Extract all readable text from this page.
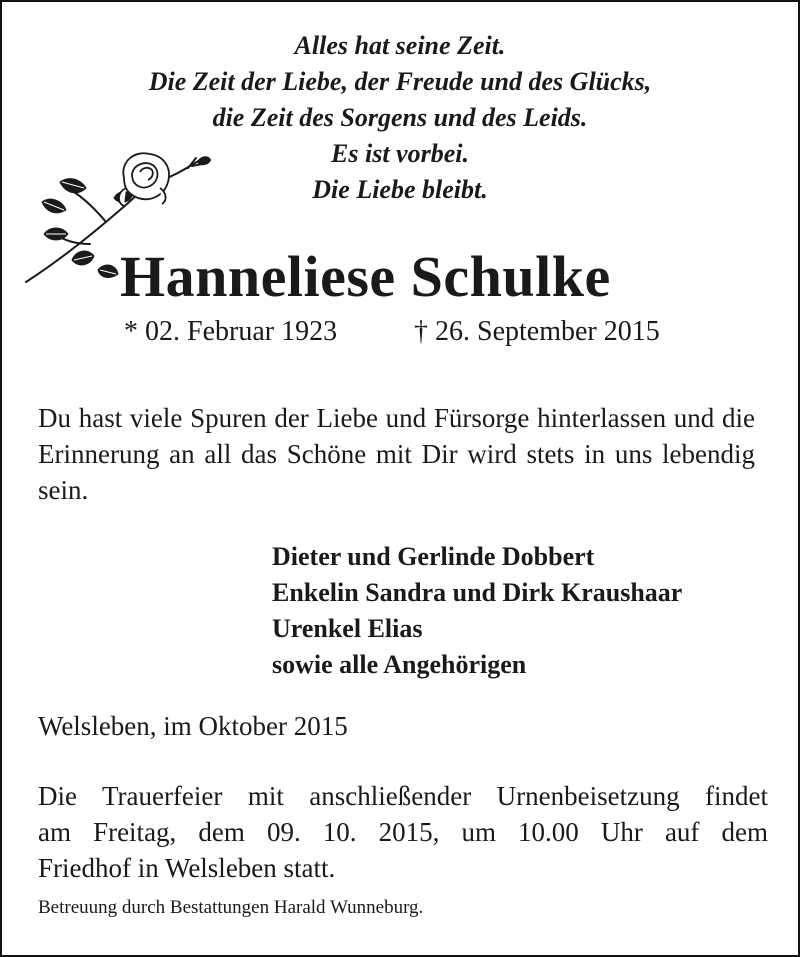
Alles hat seine Zeit.
Die Zeit der Liebe, der Freude und des Glücks,
die Zeit des Sorgens und des Leids.
Es ist vorbei.
Die Liebe bleibt.
Hanneliese Schulke
* 02. Februar 1923	† 26. September 2015
Du hast viele Spuren der Liebe und Fürsorge hinterlassen und die Erinnerung an all das Schöne mit Dir wird stets in uns lebendig sein.
Dieter und Gerlinde Dobbert
Enkelin Sandra und Dirk Kraushaar
Urenkel Elias
sowie alle Angehörigen
Welsleben, im Oktober 2015
Die Trauerfeier mit anschließender Urnenbeisetzung findet
am Freitag, dem 09. 10. 2015, um 10.00 Uhr auf dem
Friedhof in Welsleben statt.
Betreuung durch Bestattungen Harald Wunneburg.
